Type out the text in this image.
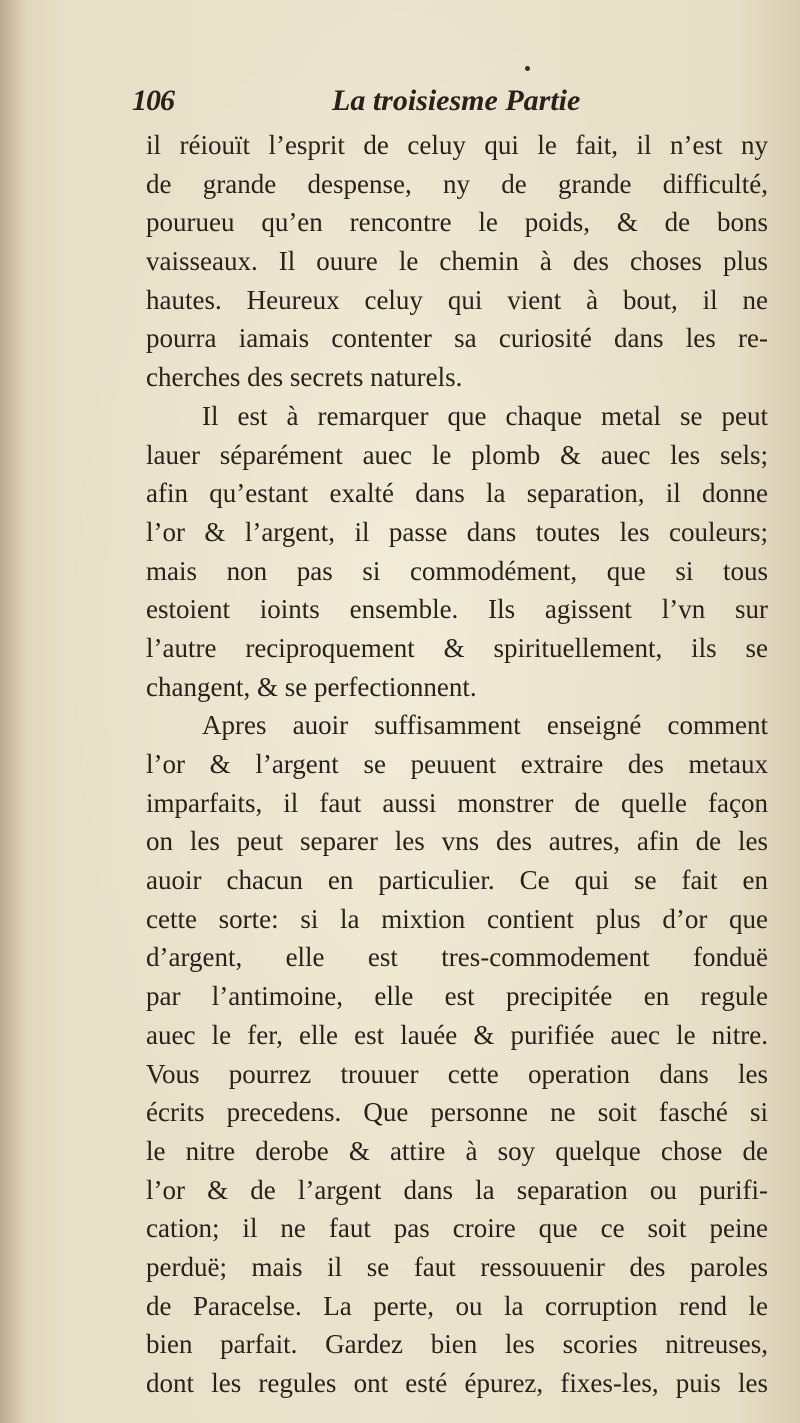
106	La troisiesme Partie
il réiouït l’esprit de celuy qui le fait, il n’est ny
de grande despense, ny de grande difficulté,
pourueu qu’en rencontre le poids, & de bons
vaisseaux. Il ouure le chemin à des choses plus
hautes. Heureux celuy qui vient à bout, il ne
pourra iamais contenter sa curiosité dans les re-
cherches des secrets naturels.
Il est à remarquer que chaque metal se peut
lauer séparément auec le plomb & auec les sels;
afin qu’estant exalté dans la separation, il donne
l’or & l’argent, il passe dans toutes les couleurs;
mais non pas si commodément, que si tous
estoient ioints ensemble. Ils agissent l’vn sur
l’autre reciproquement & spirituellement, ils se
changent, & se perfectionnent.
Apres auoir suffisamment enseigné comment
l’or & l’argent se peuuent extraire des metaux
imparfaits, il faut aussi monstrer de quelle façon
on les peut separer les vns des autres, afin de les
auoir chacun en particulier. Ce qui se fait en
cette sorte: si la mixtion contient plus d’or que
d’argent, elle est tres-commodement fonduë
par l’antimoine, elle est precipitée en regule
auec le fer, elle est lauée & purifiée auec le nitre.
Vous pourrez trouuer cette operation dans les
écrits precedens. Que personne ne soit fasché si
le nitre derobe & attire à soy quelque chose de
l’or & de l’argent dans la separation ou purifi-
cation; il ne faut pas croire que ce soit peine
perduë; mais il se faut ressouuenir des paroles
de Paracelse. La perte, ou la corruption rend le
bien parfait. Gardez bien les scories nitreuses,
dont les regules ont esté épurez, fixes-les, puis les
